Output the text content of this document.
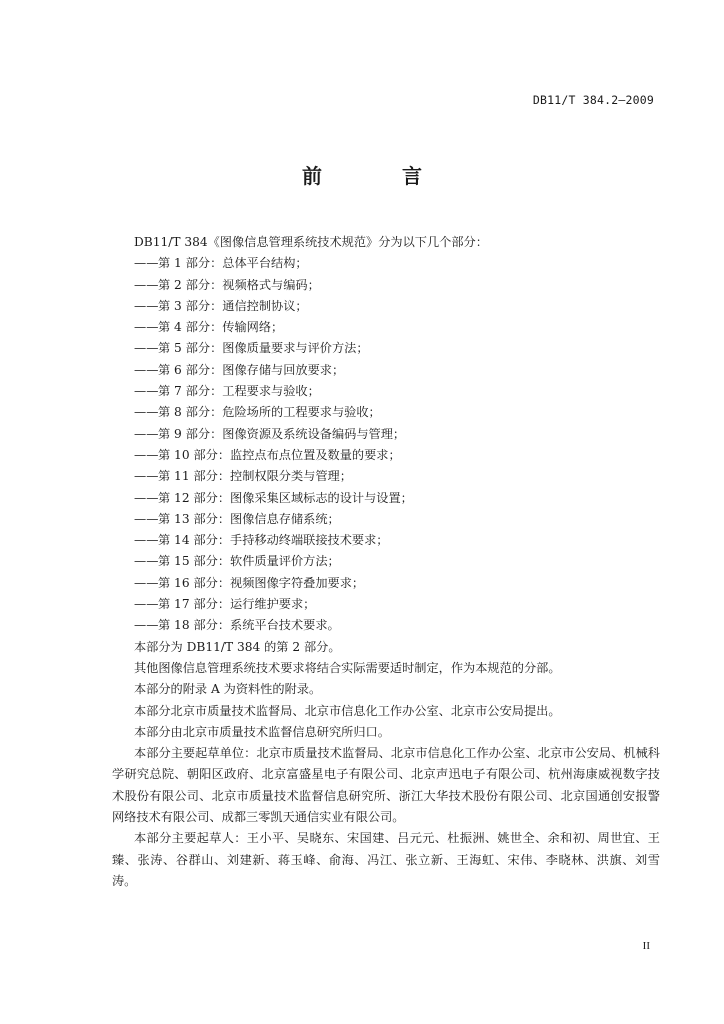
DB11/T 384.2—2009
前　言

DB11/T 384《图像信息管理系统技术规范》分为以下几个部分：

——第 1 部分：总体平台结构；
——第 2 部分：视频格式与编码；
——第 3 部分：通信控制协议；
——第 4 部分：传输网络；
——第 5 部分：图像质量要求与评价方法；
——第 6 部分：图像存储与回放要求；
——第 7 部分：工程要求与验收；
——第 8 部分：危险场所的工程要求与验收；
——第 9 部分：图像资源及系统设备编码与管理；
——第 10 部分：监控点布点位置及数量的要求；
——第 11 部分：控制权限分类与管理；
——第 12 部分：图像采集区域标志的设计与设置；
——第 13 部分：图像信息存储系统；
——第 14 部分：手持移动终端联接技术要求；
——第 15 部分：软件质量评价方法；
——第 16 部分：视频图像字符叠加要求；
——第 17 部分：运行维护要求；
——第 18 部分：系统平台技术要求。

本部分为 DB11/T 384 的第 2 部分。

其他图像信息管理系统技术要求将结合实际需要适时制定，作为本规范的分部。

本部分的附录 A 为资料性的附录。

本部分北京市质量技术监督局、北京市信息化工作办公室、北京市公安局提出。

本部分由北京市质量技术监督信息研究所归口。

本部分主要起草单位：北京市质量技术监督局、北京市信息化工作办公室、北京市公安局、机械科学研究总院、朝阳区政府、北京富盛星电子有限公司、北京声迅电子有限公司、杭州海康威视数字技术股份有限公司、北京市质量技术监督信息研究所、浙江大华技术股份有限公司、北京国通创安报警网络技术有限公司、成都三零凯天通信实业有限公司。

本部分主要起草人：王小平、吴晓东、宋国建、吕元元、杜振洲、姚世全、余和初、周世宜、王臻、张涛、谷群山、刘建新、蒋玉峰、俞海、冯江、张立新、王海虹、宋伟、李晓林、洪旗、刘雪涛。

II
